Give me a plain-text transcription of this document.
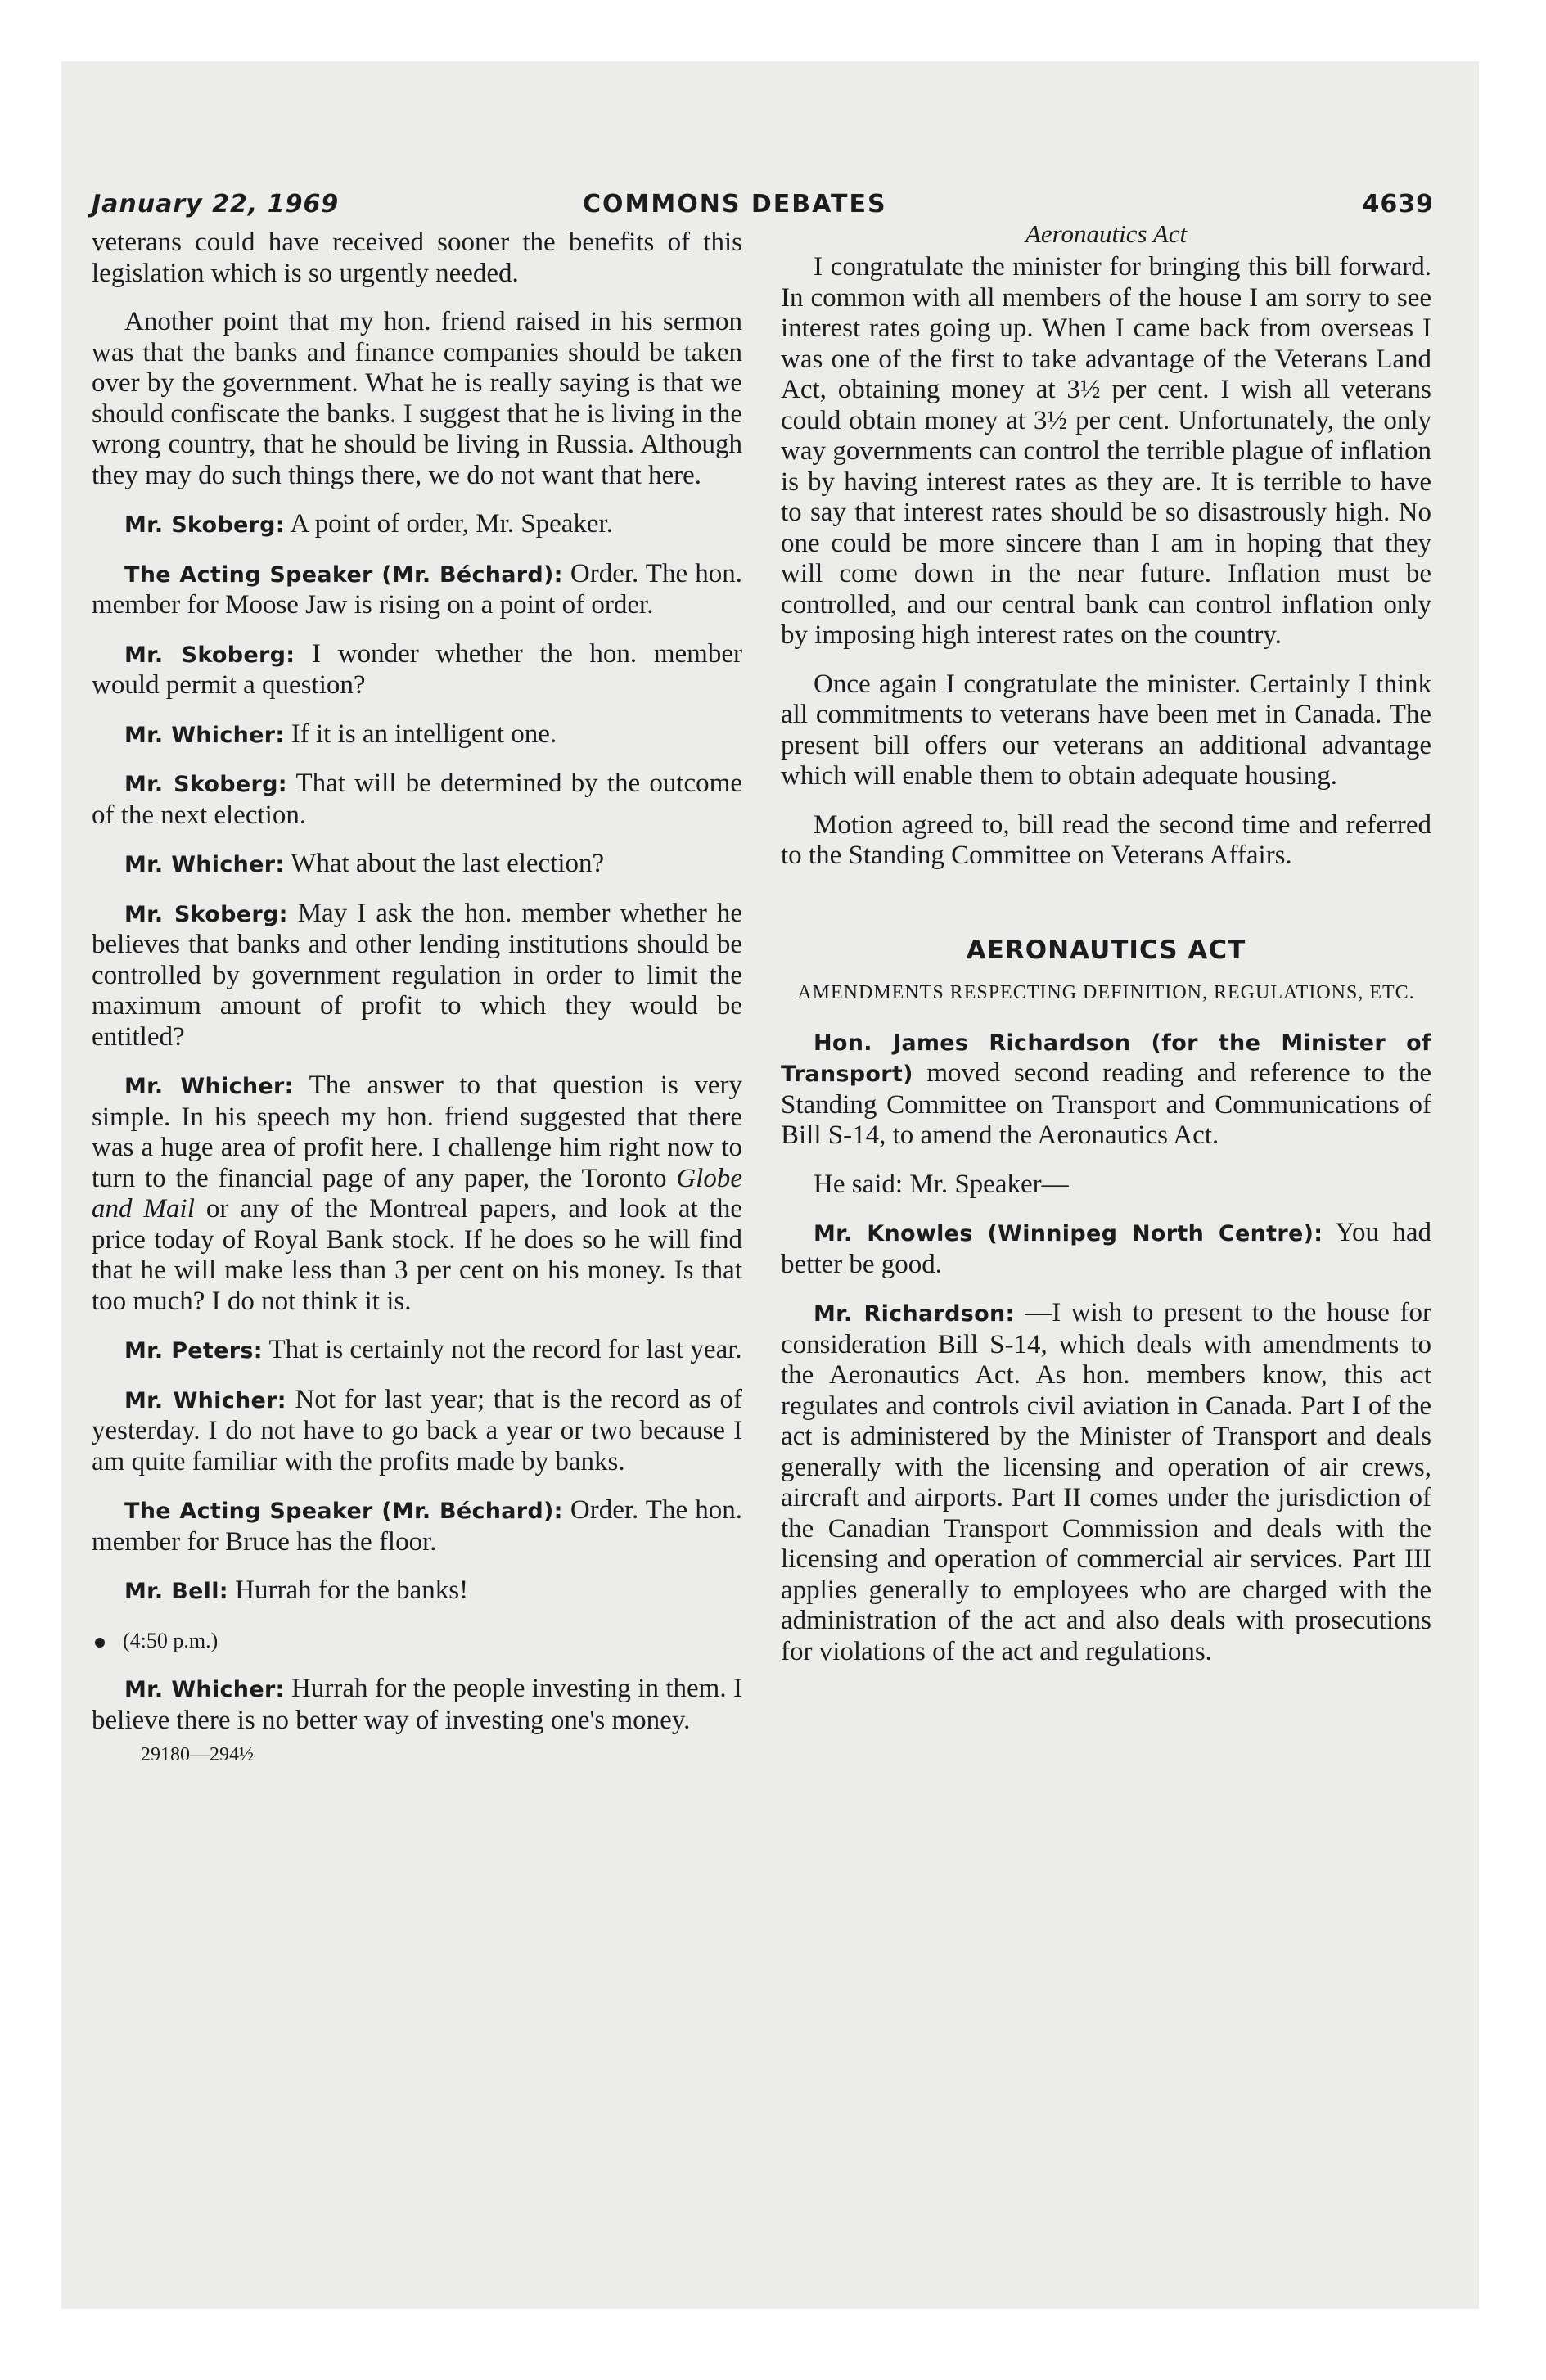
January 22, 1969	COMMONS DEBATES	4639

veterans could have received sooner the benefits of this legislation which is so urgently needed.

Another point that my hon. friend raised in his sermon was that the banks and finance companies should be taken over by the government. What he is really saying is that we should confiscate the banks. I suggest that he is living in the wrong country, that he should be living in Russia. Although they may do such things there, we do not want that here.

Mr. Skoberg: A point of order, Mr. Speaker.

The Acting Speaker (Mr. Béchard): Order. The hon. member for Moose Jaw is rising on a point of order.

Mr. Skoberg: I wonder whether the hon. member would permit a question?

Mr. Whicher: If it is an intelligent one.

Mr. Skoberg: That will be determined by the outcome of the next election.

Mr. Whicher: What about the last election?

Mr. Skoberg: May I ask the hon. member whether he believes that banks and other lending institutions should be controlled by government regulation in order to limit the maximum amount of profit to which they would be entitled?

Mr. Whicher: The answer to that question is very simple. In his speech my hon. friend suggested that there was a huge area of profit here. I challenge him right now to turn to the financial page of any paper, the Toronto Globe and Mail or any of the Montreal papers, and look at the price today of Royal Bank stock. If he does so he will find that he will make less than 3 per cent on his money. Is that too much? I do not think it is.

Mr. Peters: That is certainly not the record for last year.

Mr. Whicher: Not for last year; that is the record as of yesterday. I do not have to go back a year or two because I am quite familiar with the profits made by banks.

The Acting Speaker (Mr. Béchard): Order. The hon. member for Bruce has the floor.

Mr. Bell: Hurrah for the banks!

(4:50 p.m.)

Mr. Whicher: Hurrah for the people investing in them. I believe there is no better way of investing one's money.

29180—294½
Aeronautics Act

I congratulate the minister for bringing this bill forward. In common with all members of the house I am sorry to see interest rates going up. When I came back from overseas I was one of the first to take advantage of the Veterans Land Act, obtaining money at 3½ per cent. I wish all veterans could obtain money at 3½ per cent. Unfortunately, the only way governments can control the terrible plague of inflation is by having interest rates as they are. It is terrible to have to say that interest rates should be so disastrously high. No one could be more sincere than I am in hoping that they will come down in the near future. Inflation must be controlled, and our central bank can control inflation only by imposing high interest rates on the country.

Once again I congratulate the minister. Certainly I think all commitments to veterans have been met in Canada. The present bill offers our veterans an additional advantage which will enable them to obtain adequate housing.

Motion agreed to, bill read the second time and referred to the Standing Committee on Veterans Affairs.

AERONAUTICS ACT
AMENDMENTS RESPECTING DEFINITION, REGULATIONS, ETC.

Hon. James Richardson (for the Minister of Transport) moved second reading and reference to the Standing Committee on Transport and Communications of Bill S-14, to amend the Aeronautics Act.

He said: Mr. Speaker—

Mr. Knowles (Winnipeg North Centre): You had better be good.

Mr. Richardson: —I wish to present to the house for consideration Bill S-14, which deals with amendments to the Aeronautics Act. As hon. members know, this act regulates and controls civil aviation in Canada. Part I of the act is administered by the Minister of Transport and deals generally with the licensing and operation of air crews, aircraft and airports. Part II comes under the jurisdiction of the Canadian Transport Commission and deals with the licensing and operation of commercial air services. Part III applies generally to employees who are charged with the administration of the act and also deals with prosecutions for violations of the act and regulations.
